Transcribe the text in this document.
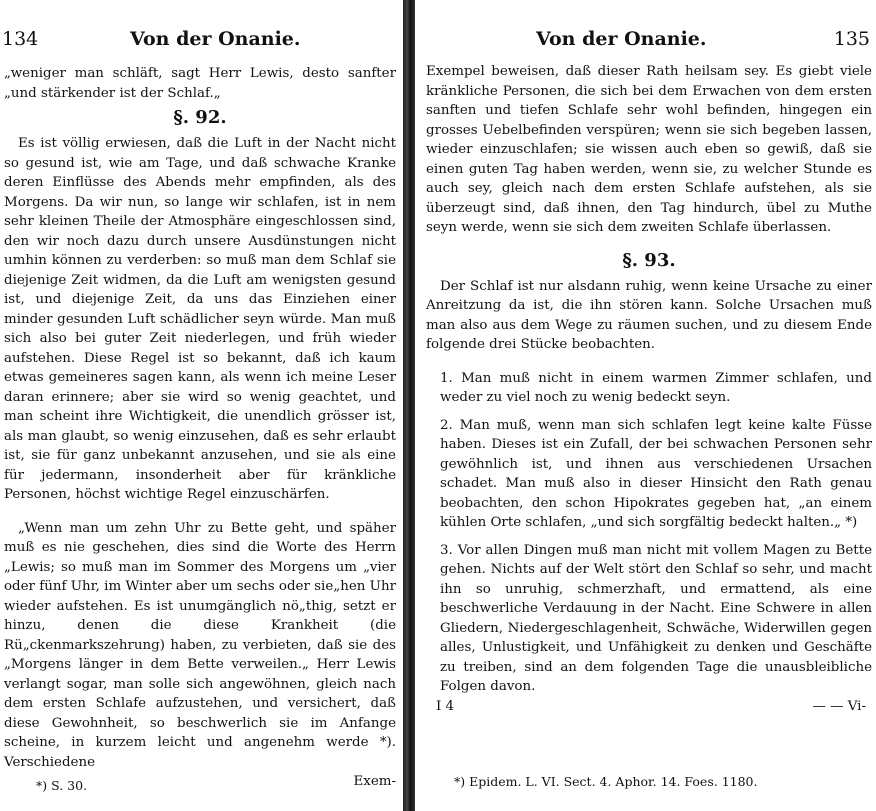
134	Von der Onanie.

„weniger man schläft, sagt Herr Lewis, desto sanfter „und stärkender ist der Schlaf.„

§. 92.

Es ist völlig erwiesen, daß die Luft in der Nacht nicht so gesund ist, wie am Tage, und daß schwache Kranke deren Einflüsse des Abends mehr empfinden, als des Morgens. Da wir nun, so lange wir schlafen, ist in nem sehr kleinen Theile der Atmosphäre eingeschlossen sind, den wir noch dazu durch unsere Ausdünstungen nicht umhin können zu verderben: so muß man dem Schlaf sie diejenige Zeit widmen, da die Luft am wenigsten gesund ist, und diejenige Zeit, da uns das Einziehen einer minder gesunden Luft schädlicher seyn würde. Man muß sich also bei guter Zeit niederlegen, und früh wieder aufstehen. Diese Regel ist so bekannt, daß ich kaum etwas gemeineres sagen kann, als wenn ich meine Leser daran erinnere; aber sie wird so wenig geachtet, und man scheint ihre Wichtigkeit, die unendlich grösser ist, als man glaubt, so wenig einzusehen, daß es sehr erlaubt ist, sie für ganz unbekannt anzusehen, und sie als eine für jedermann, insonderheit aber für kränkliche Personen, höchst wichtige Regel einzuschärfen.

„Wenn man um zehn Uhr zu Bette geht, und späher muß es nie geschehen, dies sind die Worte des Herrn „Lewis; so muß man im Sommer des Morgens um „vier oder fünf Uhr, im Winter aber um sechs oder sie„hen Uhr wieder aufstehen. Es ist unumgänglich nö„thig, setzt er hinzu, denen die diese Krankheit (die Rü„ckenmarkszehrung) haben, zu verbieten, daß sie des „Morgens länger in dem Bette verweilen.„ Herr Lewis verlangt sogar, man solle sich angewöhnen, gleich nach dem ersten Schlafe aufzustehen, und versichert, daß diese Gewohnheit, so beschwerlich sie im Anfange scheine, in kurzem leicht und angenehm werde *). Verschiedene

Exem-

*) S. 30.
Von der Onanie.	135

Exempel beweisen, daß dieser Rath heilsam sey. Es giebt viele kränkliche Personen, die sich bei dem Erwachen von dem ersten sanften und tiefen Schlafe sehr wohl befinden, hingegen ein grosses Uebelbefinden verspüren; wenn sie sich begeben lassen, wieder einzuschlafen; sie wissen auch eben so gewiß, daß sie einen guten Tag haben werden, wenn sie, zu welcher Stunde es auch sey, gleich nach dem ersten Schlafe aufstehen, als sie überzeugt sind, daß ihnen, den Tag hindurch, übel zu Muthe seyn werde, wenn sie sich dem zweiten Schlafe überlassen.

§. 93.

Der Schlaf ist nur alsdann ruhig, wenn keine Ursache zu einer Anreitzung da ist, die ihn stören kann. Solche Ursachen muß man also aus dem Wege zu räumen suchen, und zu diesem Ende folgende drei Stücke beobachten.

1. Man muß nicht in einem warmen Zimmer schlafen, und weder zu viel noch zu wenig bedeckt seyn.

2. Man muß, wenn man sich schlafen legt keine kalte Füsse haben. Dieses ist ein Zufall, der bei schwachen Personen sehr gewöhnlich ist, und ihnen aus verschiedenen Ursachen schadet. Man muß also in dieser Hinsicht den Rath genau beobachten, den schon Hipokrates gegeben hat, „an einem kühlen Orte schlafen, „und sich sorgfältig bedeckt halten.„ *)

3. Vor allen Dingen muß man nicht mit vollem Magen zu Bette gehen. Nichts auf der Welt stört den Schlaf so sehr, und macht ihn so unruhig, schmerzhaft, und ermattend, als eine beschwerliche Verdauung in der Nacht. Eine Schwere in allen Gliedern, Niedergeschlagenheit, Schwäche, Widerwillen gegen alles, Unlustigkeit, und Unfähigkeit zu denken und Geschäfte zu treiben, sind an dem folgenden Tage die unausbleibliche Folgen davon.

I 4	— — Vi-
*) Epidem. L. VI. Sect. 4. Aphor. 14. Foes. 1180.
